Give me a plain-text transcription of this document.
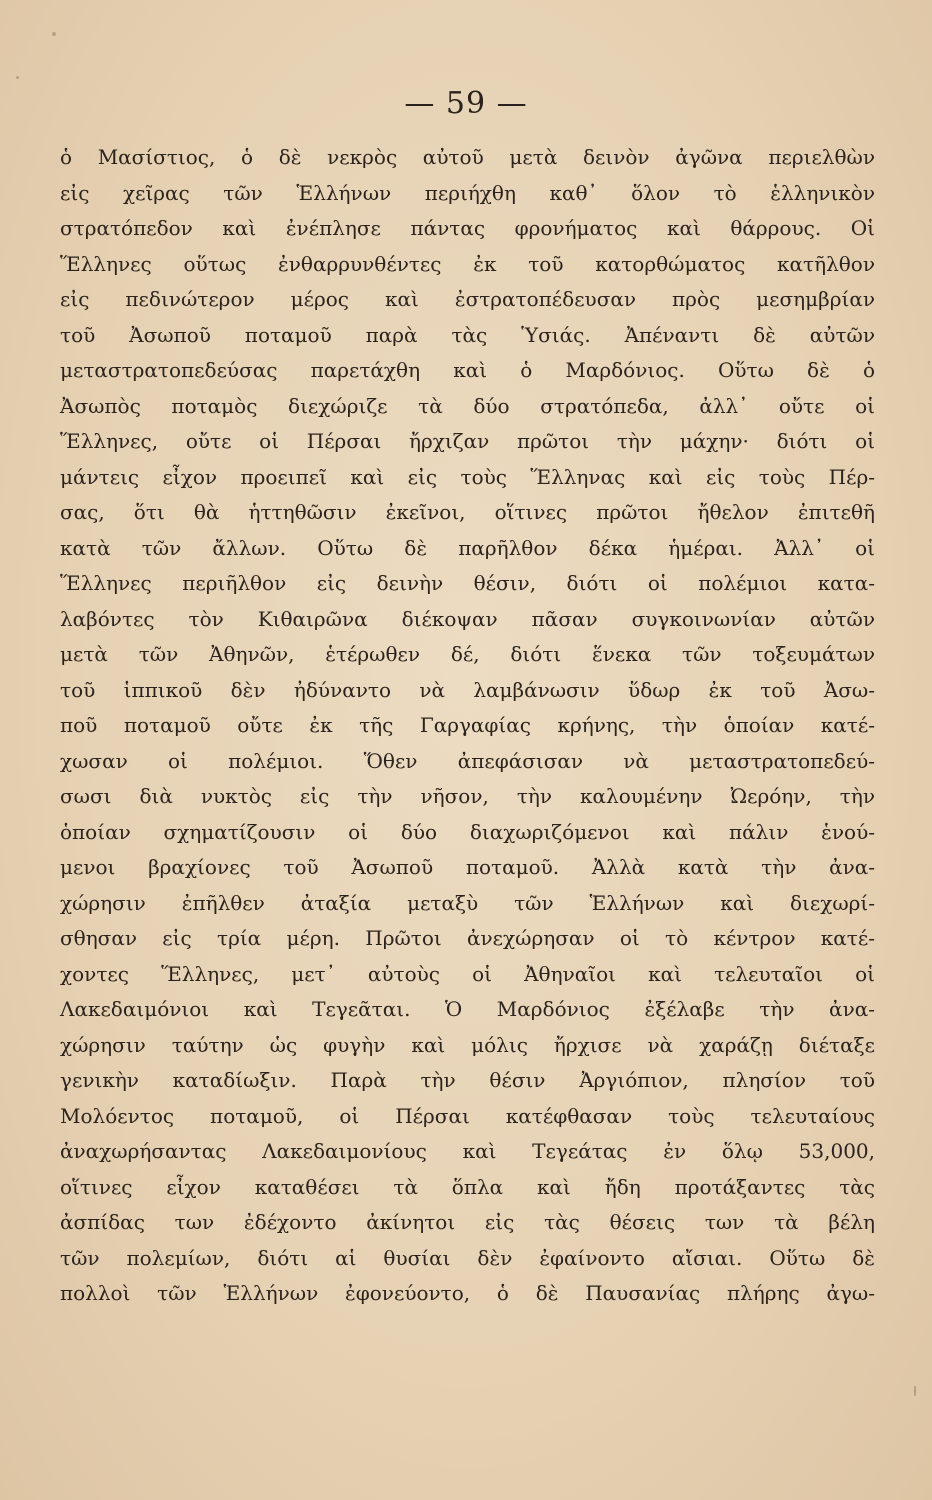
— 59 —
ὁ Μασίστιος, ὁ δὲ νεκρὸς αὐτοῦ μετὰ δεινὸν ἀγῶνα περιελθὼν
εἰς χεῖρας τῶν Ἑλλήνων περιήχθη καθ᾽ ὅλον τὸ ἑλληνικὸν
στρατόπεδον καὶ ἐνέπλησε πάντας φρονήματος καὶ θάρρους. Οἱ
Ἕλληνες οὕτως ἐνθαρρυνθέντες ἐκ τοῦ κατορθώματος κατῆλθον
εἰς πεδινώτερον μέρος καὶ ἐστρατοπέδευσαν πρὸς μεσημβρίαν
τοῦ Ἀσωποῦ ποταμοῦ παρὰ τὰς Ὑσιάς. Ἀπέναντι δὲ αὐτῶν
μεταστρατοπεδεύσας παρετάχθη καὶ ὁ Μαρδόνιος. Οὕτω δὲ ὁ
Ἀσωπὸς ποταμὸς διεχώριζε τὰ δύο στρατόπεδα, ἀλλ᾽ οὔτε οἱ
Ἕλληνες, οὔτε οἱ Πέρσαι ἤρχιζαν πρῶτοι τὴν μάχην· διότι οἱ
μάντεις εἶχον προειπεῖ καὶ εἰς τοὺς Ἕλληνας καὶ εἰς τοὺς Πέρ-
σας, ὅτι θὰ ἡττηθῶσιν ἐκεῖνοι, οἵτινες πρῶτοι ἤθελον ἐπιτεθῆ
κατὰ τῶν ἄλλων. Οὕτω δὲ παρῆλθον δέκα ἡμέραι. Ἀλλ᾽ οἱ
Ἕλληνες περιῆλθον εἰς δεινὴν θέσιν, διότι οἱ πολέμιοι κατα-
λαβόντες τὸν Κιθαιρῶνα διέκοψαν πᾶσαν συγκοινωνίαν αὐτῶν
μετὰ τῶν Ἀθηνῶν, ἑτέρωθεν δέ, διότι ἕνεκα τῶν τοξευμάτων
τοῦ ἱππικοῦ δὲν ἠδύναντο νὰ λαμβάνωσιν ὕδωρ ἐκ τοῦ Ἀσω-
ποῦ ποταμοῦ οὔτε ἐκ τῆς Γαργαφίας κρήνης, τὴν ὁποίαν κατέ-
χωσαν οἱ πολέμιοι. Ὅθεν ἀπεφάσισαν νὰ μεταστρατοπεδεύ-
σωσι διὰ νυκτὸς εἰς τὴν νῆσον, τὴν καλουμένην Ὠερόην, τὴν
ὁποίαν σχηματίζουσιν οἱ δύο διαχωριζόμενοι καὶ πάλιν ἑνού-
μενοι βραχίονες τοῦ Ἀσωποῦ ποταμοῦ. Ἀλλὰ κατὰ τὴν ἀνα-
χώρησιν ἐπῆλθεν ἀταξία μεταξὺ τῶν Ἑλλήνων καὶ διεχωρί-
σθησαν εἰς τρία μέρη. Πρῶτοι ἀνεχώρησαν οἱ τὸ κέντρον κατέ-
χοντες Ἕλληνες, μετ᾽ αὐτοὺς οἱ Ἀθηναῖοι καὶ τελευταῖοι οἱ
Λακεδαιμόνιοι καὶ Τεγεᾶται. Ὁ Μαρδόνιος ἐξέλαβε τὴν ἀνα-
χώρησιν ταύτην ὡς φυγὴν καὶ μόλις ἤρχισε νὰ χαράζῃ διέταξε
γενικὴν καταδίωξιν. Παρὰ τὴν θέσιν Ἀργιόπιον, πλησίον τοῦ
Μολόεντος ποταμοῦ, οἱ Πέρσαι κατέφθασαν τοὺς τελευταίους
ἀναχωρήσαντας Λακεδαιμονίους καὶ Τεγεάτας ἐν ὅλῳ 53,000,
οἵτινες εἶχον καταθέσει τὰ ὅπλα καὶ ἤδη προτάξαντες τὰς
ἀσπίδας των ἐδέχοντο ἀκίνητοι εἰς τὰς θέσεις των τὰ βέλη
τῶν πολεμίων, διότι αἱ θυσίαι δὲν ἐφαίνοντο αἴσιαι. Οὕτω δὲ
πολλοὶ τῶν Ἑλλήνων ἐφονεύοντο, ὁ δὲ Παυσανίας πλήρης ἀγω-
